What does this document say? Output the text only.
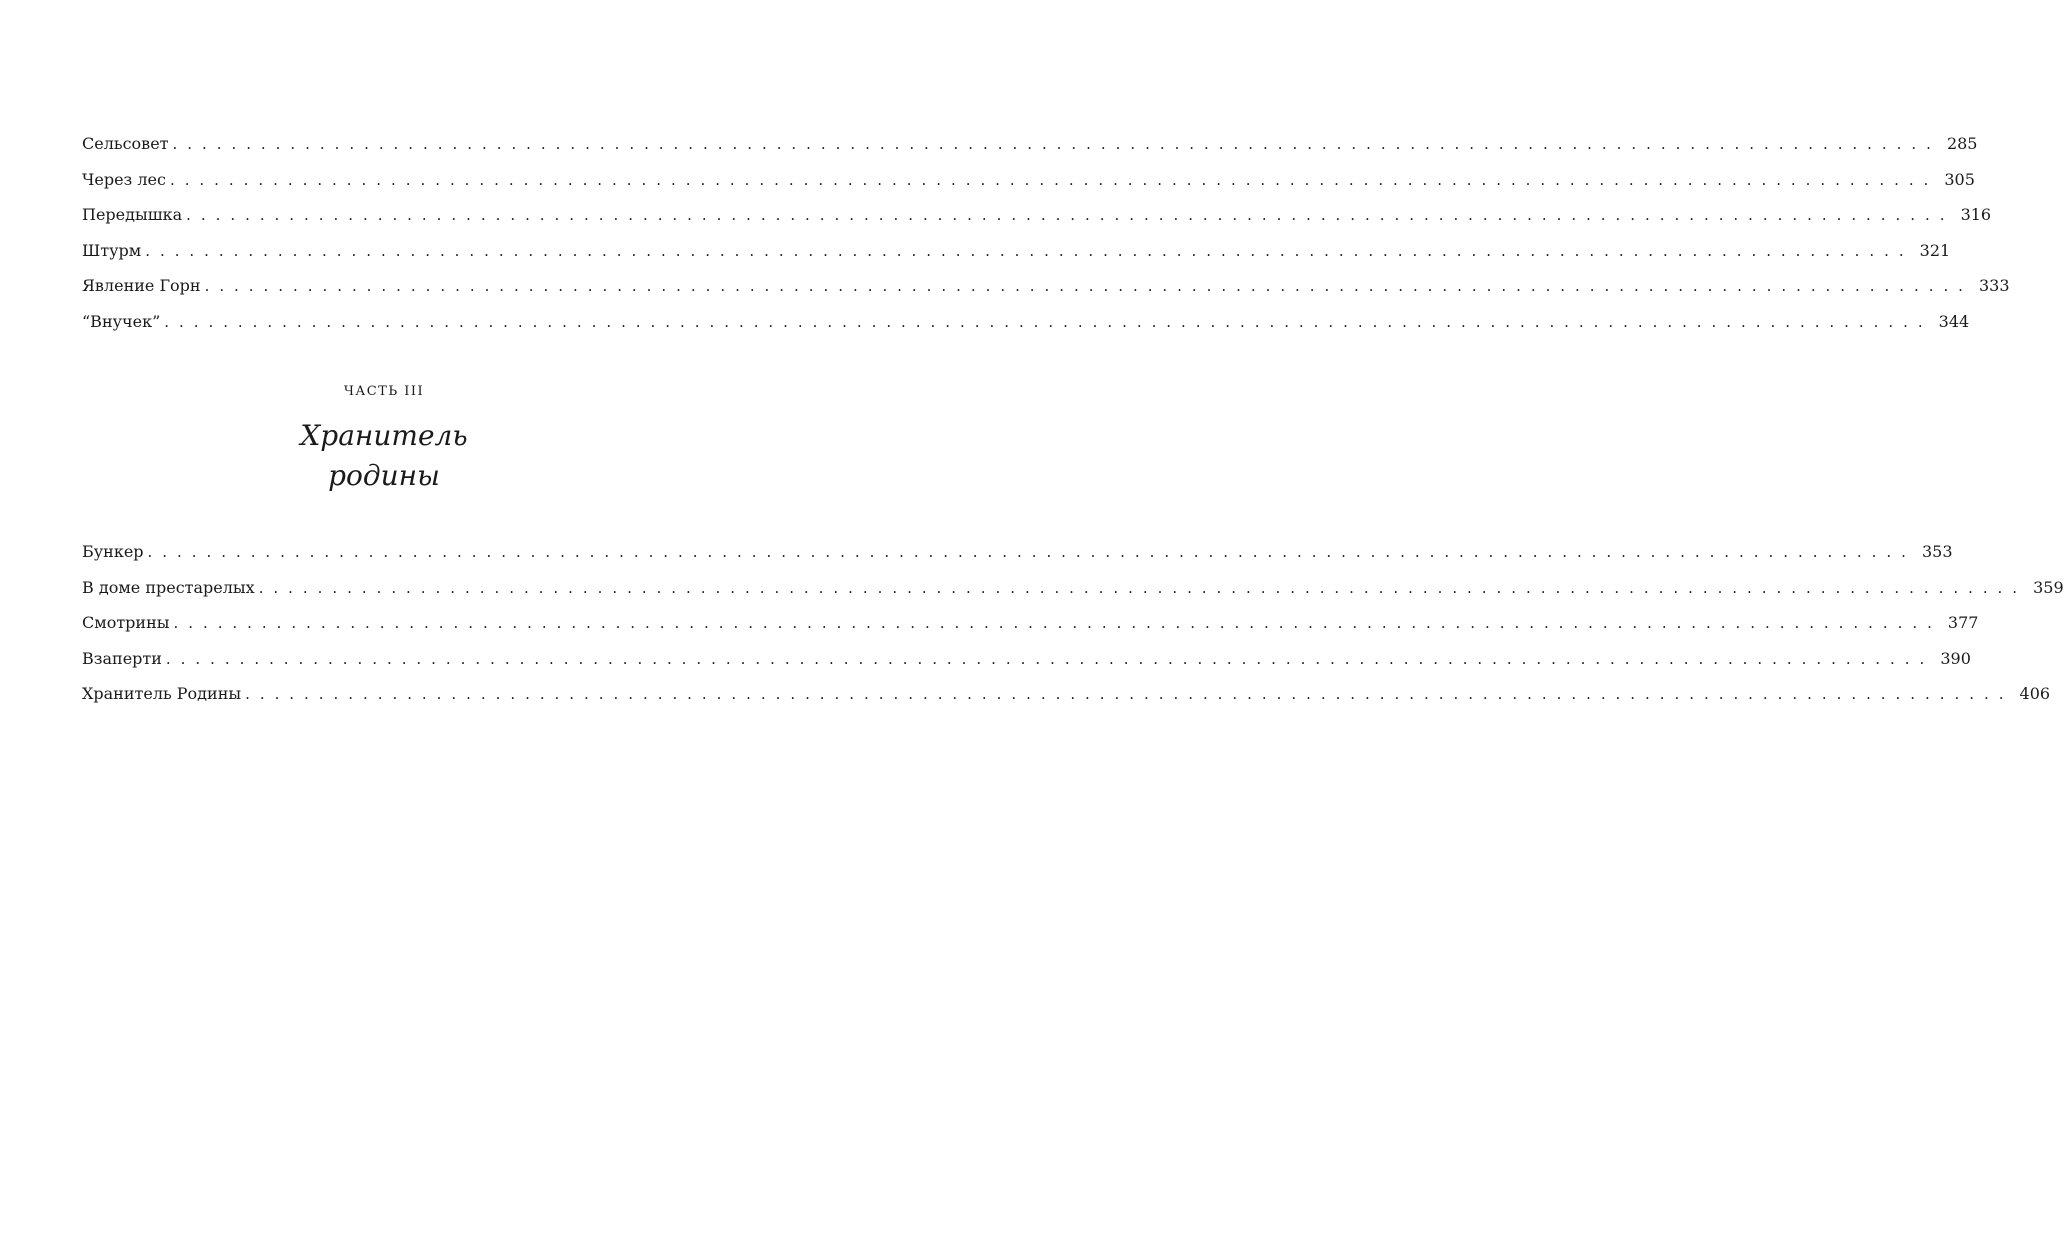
Сельсовет . . . . . . . . . . . . . . . . . . . . . . . . . . . . . . . . . . . . . . . . . . . . . . . . . . . . . . . . . . . . . . . . . . . . . . . . . . . . . . . . . . . . . . . . . . . . . . . . . . . . . . . . . . . . . . . . . . . . . . . . 285
Через лес . . . . . . . . . . . . . . . . . . . . . . . . . . . . . . . . . . . . . . . . . . . . . . . . . . . . . . . . . . . . . . . . . . . . . . . . . . . . . . . . . . . . . . . . . . . . . . . . . . . . . . . . . . . . . . . . . . . . . . . . 305
Передышка . . . . . . . . . . . . . . . . . . . . . . . . . . . . . . . . . . . . . . . . . . . . . . . . . . . . . . . . . . . . . . . . . . . . . . . . . . . . . . . . . . . . . . . . . . . . . . . . . . . . . . . . . . . . . . . . . . . . . . . . 316
Штурм . . . . . . . . . . . . . . . . . . . . . . . . . . . . . . . . . . . . . . . . . . . . . . . . . . . . . . . . . . . . . . . . . . . . . . . . . . . . . . . . . . . . . . . . . . . . . . . . . . . . . . . . . . . . . . . . . . . . . . . . 321
Явление Горн . . . . . . . . . . . . . . . . . . . . . . . . . . . . . . . . . . . . . . . . . . . . . . . . . . . . . . . . . . . . . . . . . . . . . . . . . . . . . . . . . . . . . . . . . . . . . . . . . . . . . . . . . . . . . . . . . . . . . . . . 333
“Внучек” . . . . . . . . . . . . . . . . . . . . . . . . . . . . . . . . . . . . . . . . . . . . . . . . . . . . . . . . . . . . . . . . . . . . . . . . . . . . . . . . . . . . . . . . . . . . . . . . . . . . . . . . . . . . . . . . . . . . . . . . 344
ЧАСТЬ III
Хранитель
родины
Бункер . . . . . . . . . . . . . . . . . . . . . . . . . . . . . . . . . . . . . . . . . . . . . . . . . . . . . . . . . . . . . . . . . . . . . . . . . . . . . . . . . . . . . . . . . . . . . . . . . . . . . . . . . . . . . . . . . . . . . . . . 353
В доме престарелых . . . . . . . . . . . . . . . . . . . . . . . . . . . . . . . . . . . . . . . . . . . . . . . . . . . . . . . . . . . . . . . . . . . . . . . . . . . . . . . . . . . . . . . . . . . . . . . . . . . . . . . . . . . . . . . . . . . . . . . . 359
Смотрины . . . . . . . . . . . . . . . . . . . . . . . . . . . . . . . . . . . . . . . . . . . . . . . . . . . . . . . . . . . . . . . . . . . . . . . . . . . . . . . . . . . . . . . . . . . . . . . . . . . . . . . . . . . . . . . . . . . . . . . . 377
Взаперти . . . . . . . . . . . . . . . . . . . . . . . . . . . . . . . . . . . . . . . . . . . . . . . . . . . . . . . . . . . . . . . . . . . . . . . . . . . . . . . . . . . . . . . . . . . . . . . . . . . . . . . . . . . . . . . . . . . . . . . . 390
Хранитель Родины . . . . . . . . . . . . . . . . . . . . . . . . . . . . . . . . . . . . . . . . . . . . . . . . . . . . . . . . . . . . . . . . . . . . . . . . . . . . . . . . . . . . . . . . . . . . . . . . . . . . . . . . . . . . . . . . . . . . . . . . 406
